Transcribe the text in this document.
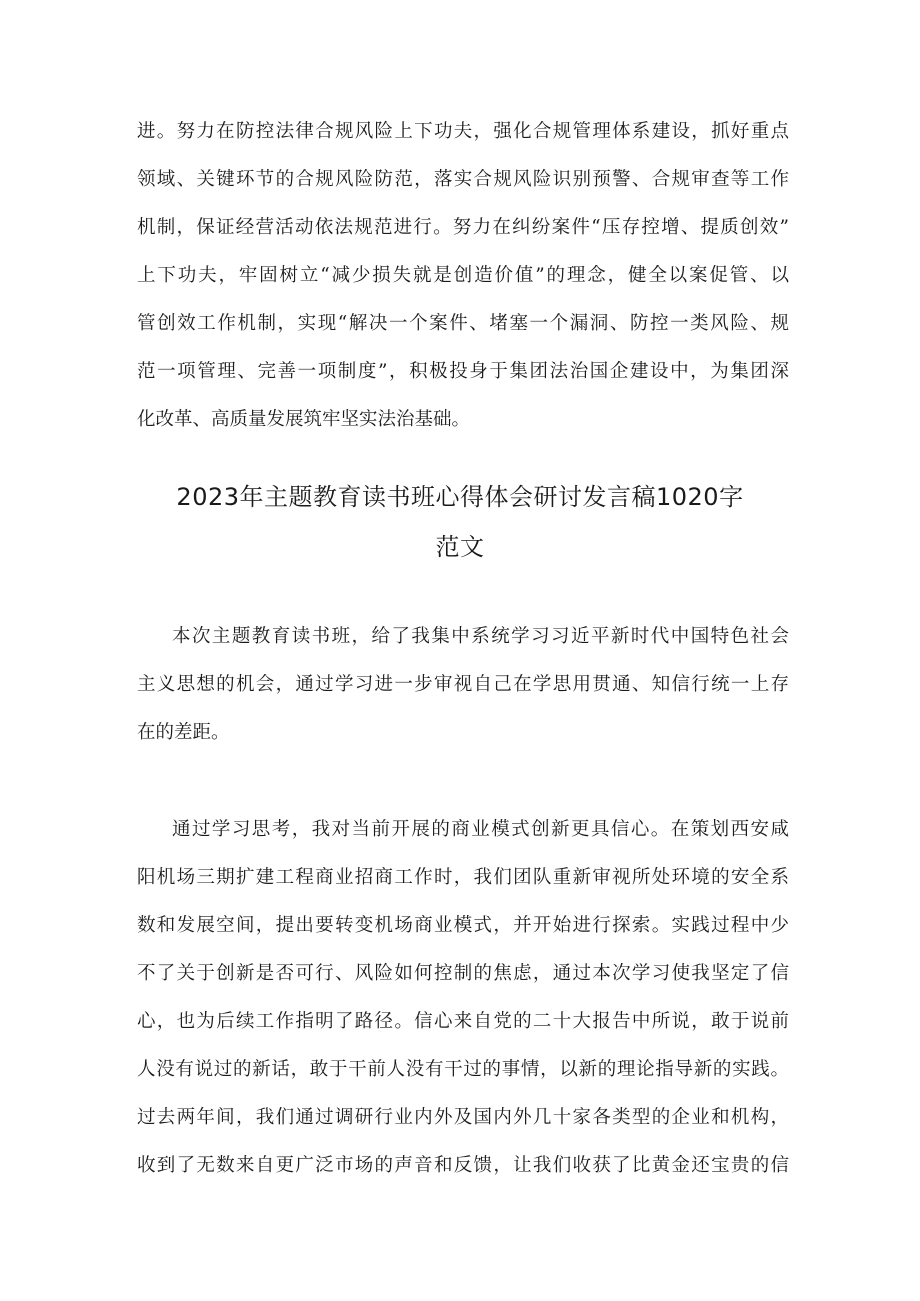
进。努力在防控法律合规风险上下功夫，强化合规管理体系建设，抓好重点
领域、关键环节的合规风险防范，落实合规风险识别预警、合规审查等工作
机制，保证经营活动依法规范进行。努力在纠纷案件“压存控增、提质创效”
上下功夫，牢固树立“减少损失就是创造价值”的理念，健全以案促管、以
管创效工作机制，实现“解决一个案件、堵塞一个漏洞、防控一类风险、规
范一项管理、完善一项制度”，积极投身于集团法治国企建设中，为集团深
化改革、高质量发展筑牢坚实法治基础。
2023年主题教育读书班心得体会研讨发言稿1020字
范文
本次主题教育读书班，给了我集中系统学习习近平新时代中国特色社会
主义思想的机会，通过学习进一步审视自己在学思用贯通、知信行统一上存
在的差距。
通过学习思考，我对当前开展的商业模式创新更具信心。在策划西安咸
阳机场三期扩建工程商业招商工作时，我们团队重新审视所处环境的安全系
数和发展空间，提出要转变机场商业模式，并开始进行探索。实践过程中少
不了关于创新是否可行、风险如何控制的焦虑，通过本次学习使我坚定了信
心，也为后续工作指明了路径。信心来自党的二十大报告中所说，敢于说前
人没有说过的新话，敢于干前人没有干过的事情，以新的理论指导新的实践。
过去两年间，我们通过调研行业内外及国内外几十家各类型的企业和机构，
收到了无数来自更广泛市场的声音和反馈，让我们收获了比黄金还宝贵的信
